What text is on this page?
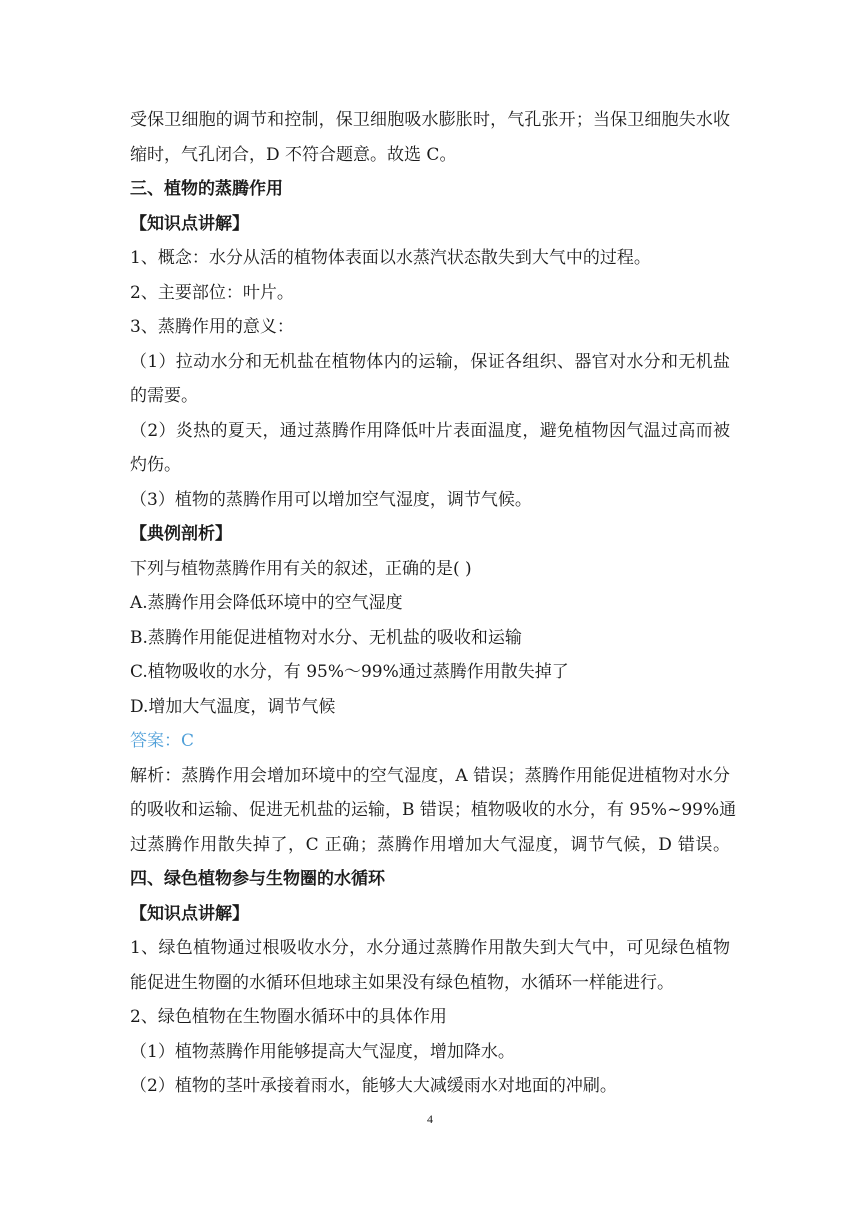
受保卫细胞的调节和控制，保卫细胞吸水膨胀时，气孔张开；当保卫细胞失水收
缩时，气孔闭合，D 不符合题意。故选 C。
三、植物的蒸腾作用
【知识点讲解】
1、概念：水分从活的植物体表面以水蒸汽状态散失到大气中的过程。
2、主要部位：叶片。
3、蒸腾作用的意义：
（1）拉动水分和无机盐在植物体内的运输，保证各组织、器官对水分和无机盐
的需要。
（2）炎热的夏天，通过蒸腾作用降低叶片表面温度，避免植物因气温过高而被
灼伤。
（3）植物的蒸腾作用可以增加空气湿度，调节气候。
【典例剖析】
下列与植物蒸腾作用有关的叙述，正确的是( )
A.蒸腾作用会降低环境中的空气湿度
B.蒸腾作用能促进植物对水分、无机盐的吸收和运输
C.植物吸收的水分，有 95%～99%通过蒸腾作用散失掉了
D.增加大气温度，调节气候
答案：C
解析：蒸腾作用会增加环境中的空气湿度，A 错误；蒸腾作用能促进植物对水分
的吸收和运输、促进无机盐的运输，B 错误；植物吸收的水分，有 95%~99%通
过蒸腾作用散失掉了，C 正确；蒸腾作用增加大气湿度，调节气候，D 错误。
四、绿色植物参与生物圈的水循环
【知识点讲解】
1、绿色植物通过根吸收水分，水分通过蒸腾作用散失到大气中，可见绿色植物
能促进生物圈的水循环但地球主如果没有绿色植物，水循环一样能进行。
2、绿色植物在生物圈水循环中的具体作用
（1）植物蒸腾作用能够提高大气湿度，增加降水。
（2）植物的茎叶承接着雨水，能够大大减缓雨水对地面的冲刷。
4
